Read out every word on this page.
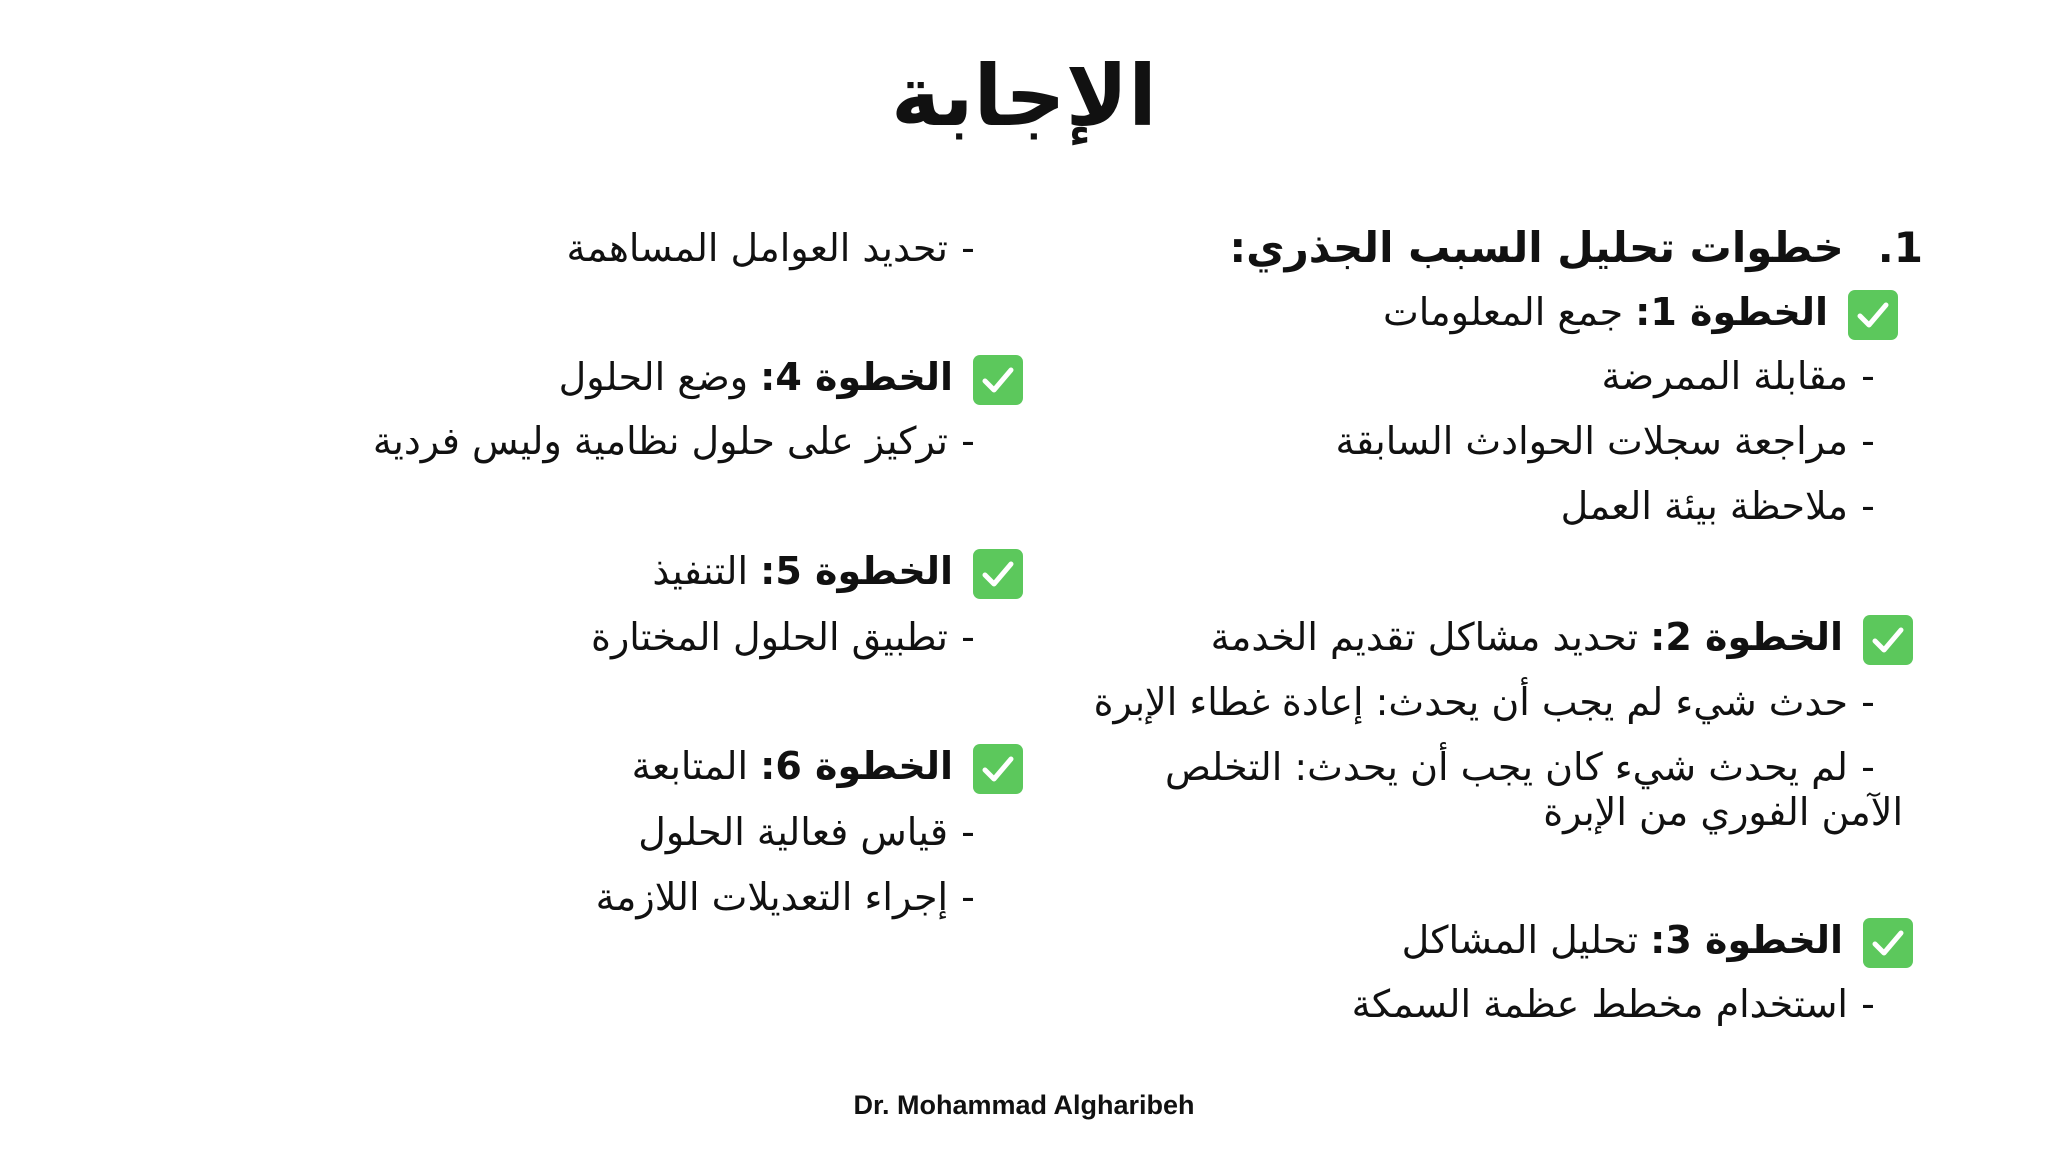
الإجابة
1.خطوات تحليل السبب الجذري:
الخطوة 1: جمع المعلومات
-مقابلة الممرضة
-مراجعة سجلات الحوادث السابقة
-ملاحظة بيئة العمل
الخطوة 2: تحديد مشاكل تقديم الخدمة
-حدث شيء لم يجب أن يحدث: إعادة غطاء الإبرة
-لم يحدث شيء كان يجب أن يحدث: التخلص
الآمن الفوري من الإبرة
الخطوة 3: تحليل المشاكل
-استخدام مخطط عظمة السمكة
-تحديد العوامل المساهمة
الخطوة 4: وضع الحلول
-تركيز على حلول نظامية وليس فردية
الخطوة 5: التنفيذ
-تطبيق الحلول المختارة
الخطوة 6: المتابعة
-قياس فعالية الحلول
-إجراء التعديلات اللازمة
Dr. Mohammad Algharibeh
